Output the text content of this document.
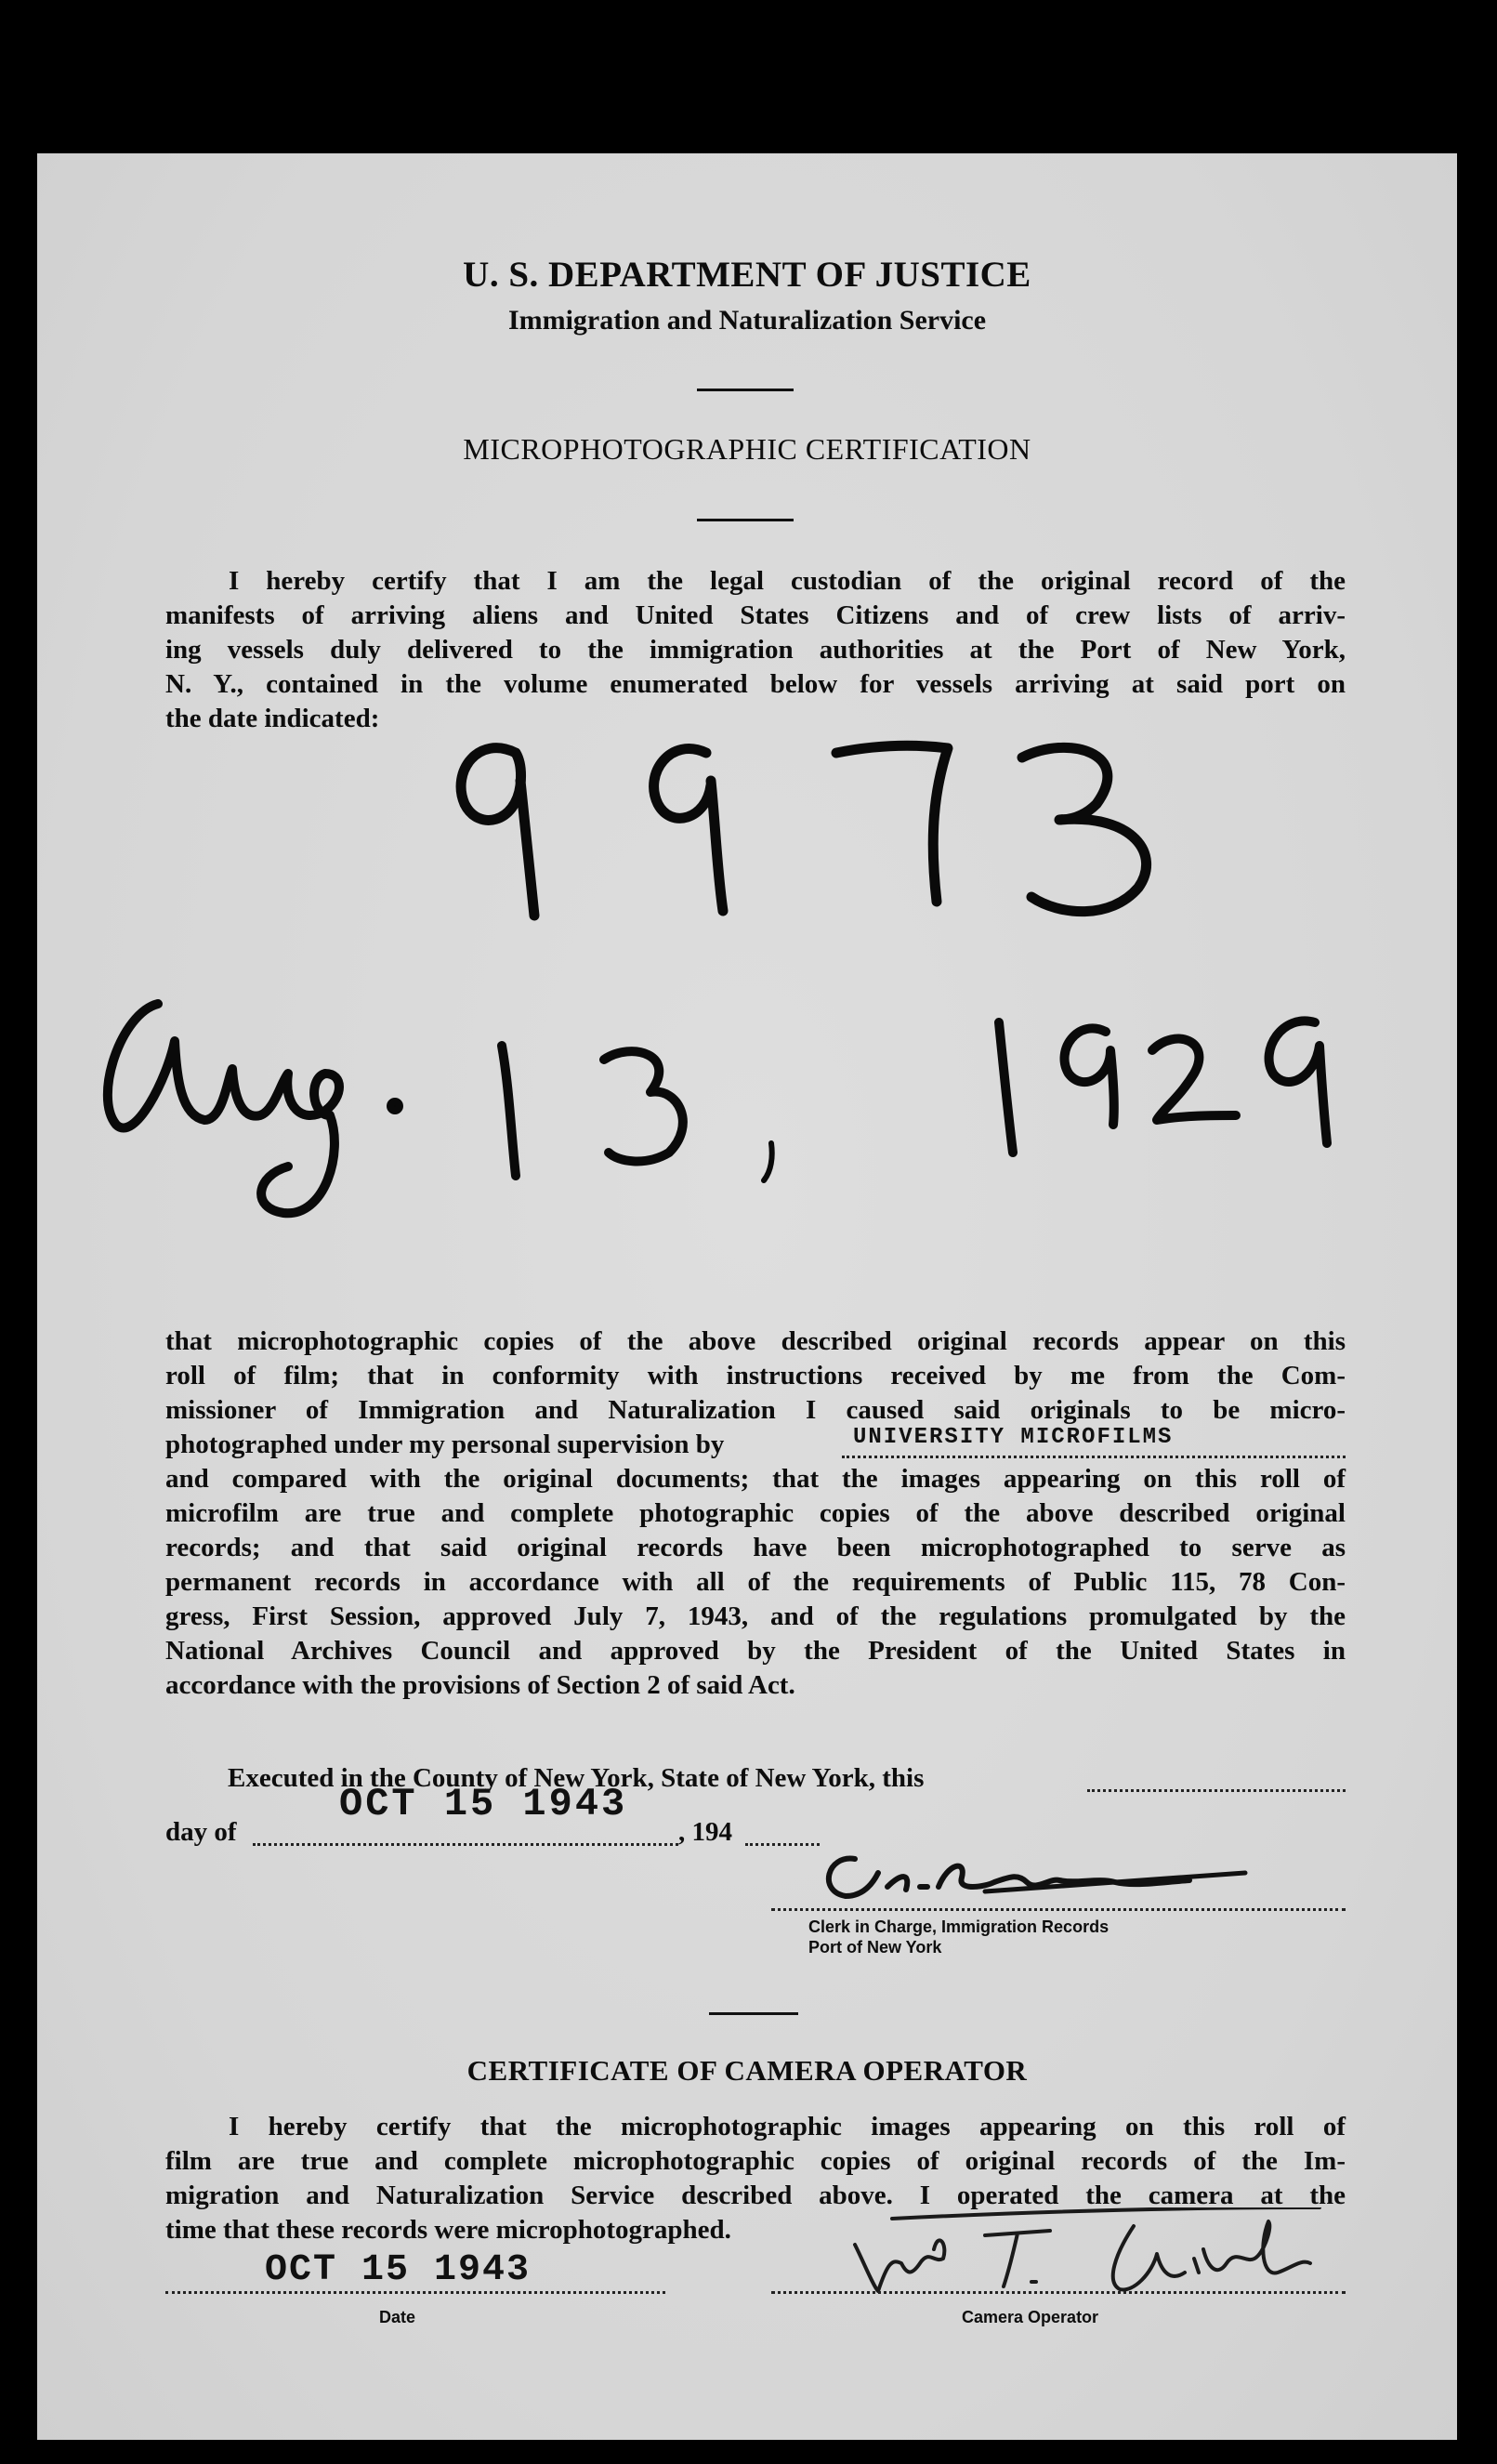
U. S. DEPARTMENT OF JUSTICE
Immigration and Naturalization Service
MICROPHOTOGRAPHIC CERTIFICATION
I hereby certify that I am the legal custodian of the original record of the
manifests of arriving aliens and United States Citizens and of crew lists of arriv-
ing vessels duly delivered to the immigration authorities at the Port of New York,
N. Y., contained in the volume enumerated below for vessels arriving at said port on
the date indicated:
that microphotographic copies of the above described original records appear on this
roll of film; that in conformity with instructions received by me from the Com-
missioner of Immigration and Naturalization I caused said originals to be micro-
photographed under my personal supervision by	UNIVERSITY MICROFILMS
and compared with the original documents; that the images appearing on this roll of
microfilm are true and complete photographic copies of the above described original
records; and that said original records have been microphotographed to serve as
permanent records in accordance with all of the requirements of Public 115, 78 Con-
gress, First Session, approved July 7, 1943, and of the regulations promulgated by the
National Archives Council and approved by the President of the United States in
accordance with the provisions of Section 2 of said Act.
Executed in the County of New York, State of New York, this
OCT 15 1943
day of	, 194
Clerk in Charge, Immigration Records
Port of New York
CERTIFICATE OF CAMERA OPERATOR
I hereby certify that the microphotographic images appearing on this roll of
film are true and complete microphotographic copies of original records of the Im-
migration and Naturalization Service described above. I operated the camera at the
time that these records were microphotographed.
OCT 15 1943
Date	Camera Operator
